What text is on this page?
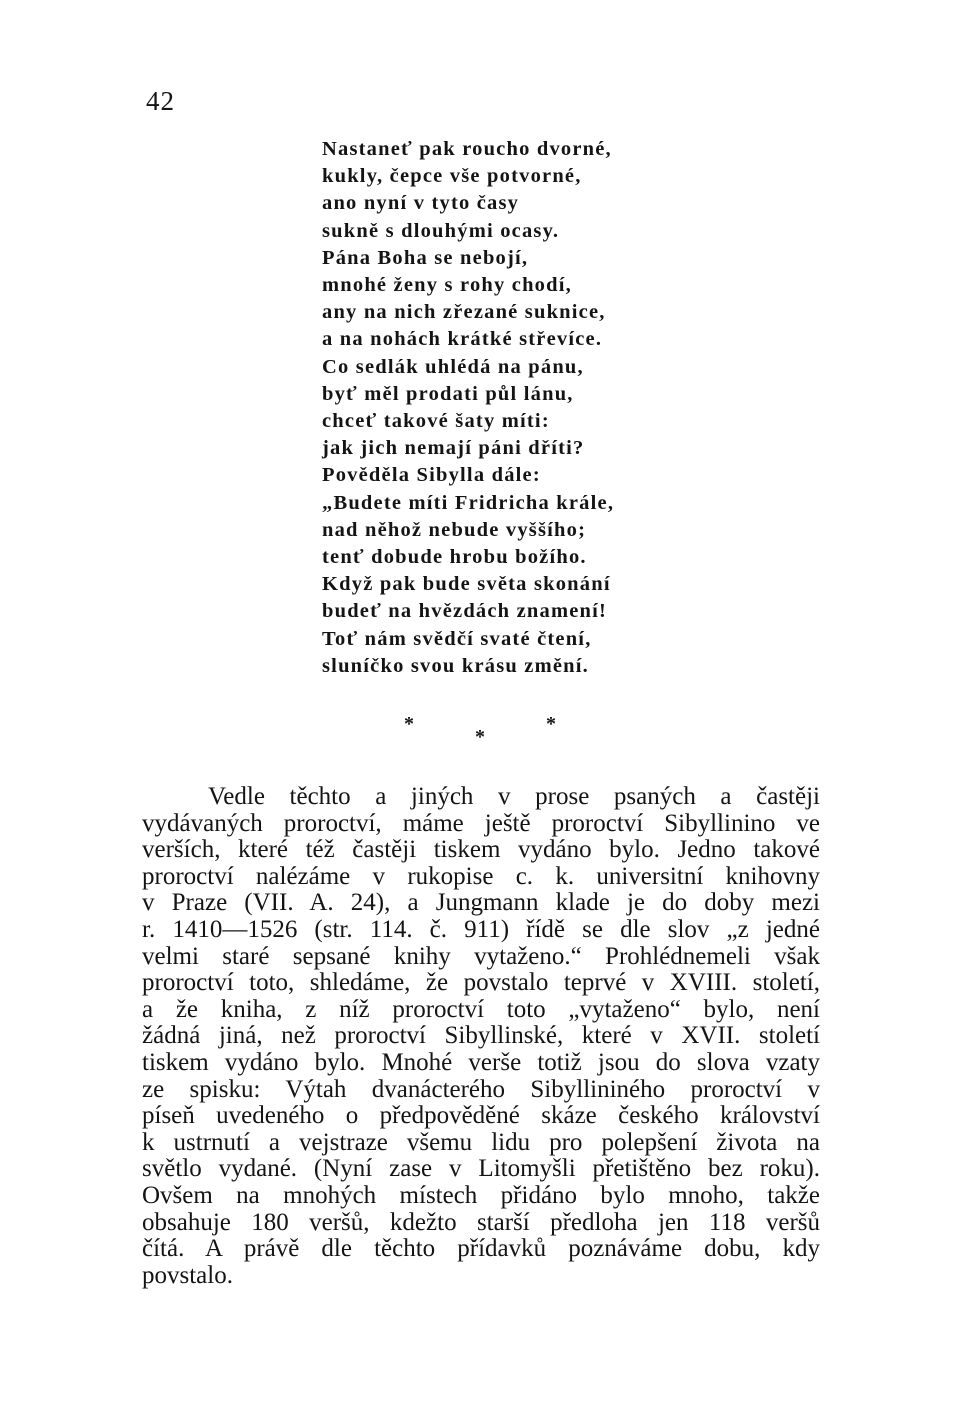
42
Nastaneť pak roucho dvorné,
kukly, čepce vše potvorné,
ano nyní v tyto časy
sukně s dlouhými ocasy.
Pána Boha se nebojí,
mnohé ženy s rohy chodí,
any na nich zřezané suknice,
a na nohách krátké střevíce.
Co sedlák uhlédá na pánu,
byť měl prodati půl lánu,
chceť takové šaty míti:
jak jich nemají páni dříti?
Pověděla Sibylla dále:
„Budete míti Fridricha krále,
nad něhož nebude vyššího;
tenť dobude hrobu božího.
Když pak bude světa skonání
budeť na hvězdách znamení!
Toť nám svědčí svaté čtení,
sluníčko svou krásu změní.
*
*
*
Vedle těchto a jiných v prose psaných a častěji
vydávaných proroctví, máme ještě proroctví Sibyllinino ve
verších, které též častěji tiskem vydáno bylo. Jedno takové
proroctví nalézáme v rukopise c. k. universitní knihovny
v Praze (VII. A. 24), a Jungmann klade je do doby mezi
r. 1410—1526 (str. 114. č. 911) řídě se dle slov „z jedné
velmi staré sepsané knihy vytaženo.“ Prohlédnemeli však
proroctví toto, shledáme, že povstalo teprvé v XVIII. století,
a že kniha, z níž proroctví toto „vytaženo“ bylo, není
žádná jiná, než proroctví Sibyllinské, které v XVII. století
tiskem vydáno bylo. Mnohé verše totiž jsou do slova vzaty
ze spisku: Výtah dvanácterého Sibyllininého proroctví v
píseň uvedeného o předpověděné skáze českého království
k ustrnutí a vejstraze všemu lidu pro polepšení života na
světlo vydané. (Nyní zase v Litomyšli přetištěno bez roku).
Ovšem na mnohých místech přidáno bylo mnoho, takže
obsahuje 180 veršů, kdežto starší předloha jen 118 veršů
čítá. A právě dle těchto přídavků poznáváme dobu, kdy
povstalo.
